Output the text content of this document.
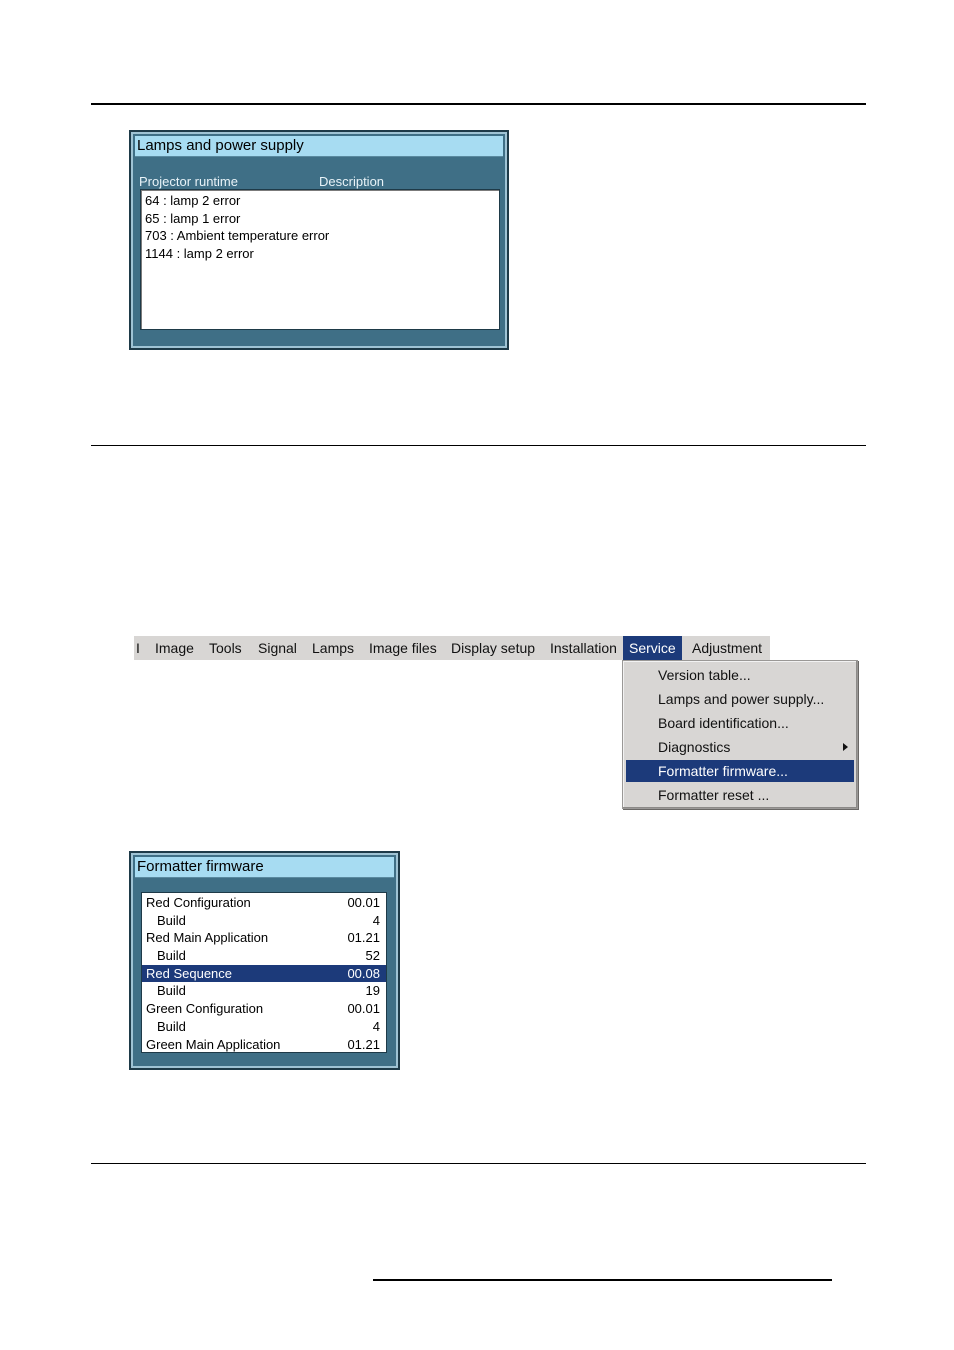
Lamps and power supply
Projector runtime	Description
64 : lamp 2 error
65 : lamp 1 error
703 : Ambient temperature error
1144 : lamp 2 error
I Image Tools Signal Lamps Image files Display setup Installation Service	Adjustment
Version table...
Lamps and power supply...
Board identification...
Diagnostics
Formatter firmware...
Formatter reset ...
Formatter firmware
Red Configuration	00.01
Build	4
Red Main Application	01.21
Build	52
Red Sequence	00.08
Build	19
Green Configuration	00.01
Build	4
Green Main Application	01.21
